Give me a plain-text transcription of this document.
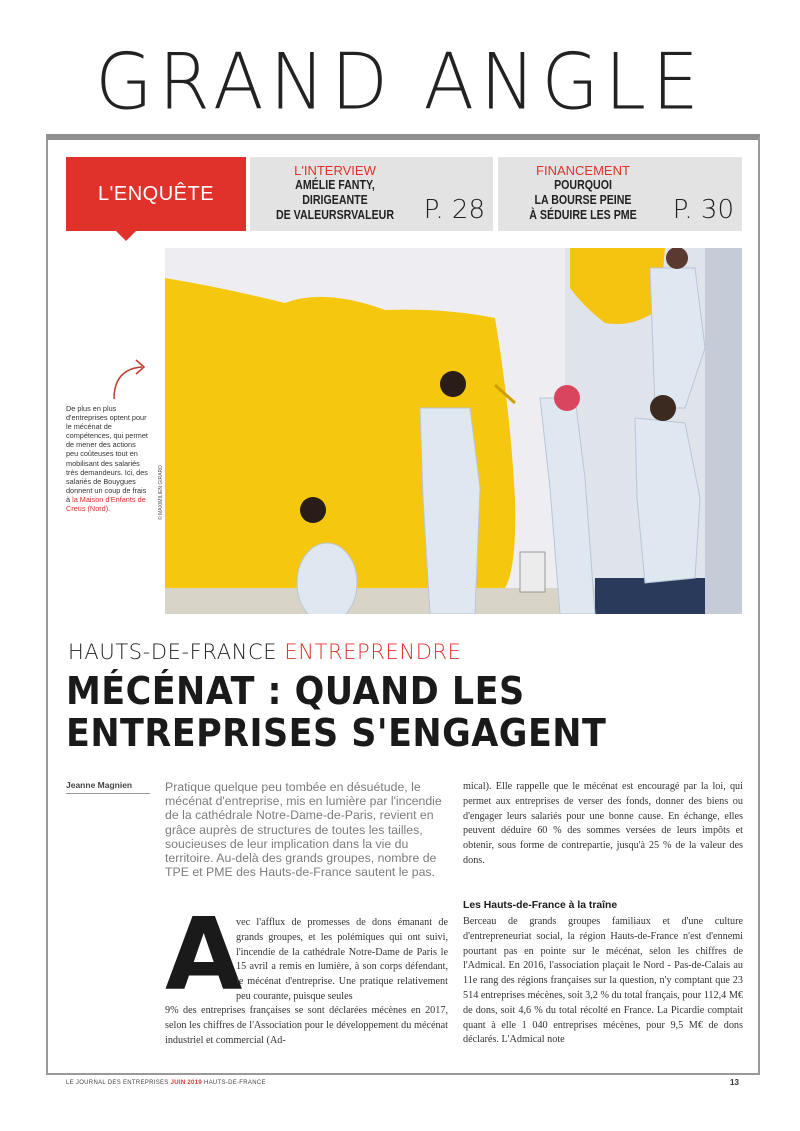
GRAND ANGLE
L'ENQUÊTE
L'INTERVIEW
AMÉLIE FANTY,
DIRIGEANTE
DE VALEURSRVALEUR	P. 28
FINANCEMENT
POURQUOI
LA BOURSE PEINE
À SÉDUIRE LES PME	P. 30
© MAXIMILIEN GIRARD
De plus en plus d'entreprises optent pour le mécénat de compétences, qui permet de mener des actions peu coûteuses tout en mobilisant des salariés très demandeurs. Ici, des salariés de Bouygues donnent un coup de frais à la Maison d'Enfants de Creus (Nord).
HAUTS-DE-FRANCE ENTREPRENDRE
MÉCÉNAT : QUAND LES
ENTREPRISES S'ENGAGENT
Jeanne Magnien	Pratique quelque peu tombée en désuétude, le mécénat d'entreprise, mis en lumière par l'incendie de la cathédrale Notre-Dame-de-Paris, revient en grâce auprès de structures de toutes les tailles, soucieuses de leur implication dans la vie du territoire. Au-delà des grands groupes, nombre de TPE et PME des Hauts-de-France sautent le pas.
A
vec l'afflux de promesses de dons émanant de grands groupes, et les polémiques qui ont suivi, l'incendie de la cathédrale Notre-Dame de Paris le 15 avril a remis en lumière, à son corps défendant, le mécénat d'entreprise. Une pratique relativement peu courante, puisque seules
9% des entreprises françaises se sont déclarées mécènes en 2017, selon les chiffres de l'Association pour le développement du mécénat industriel et commercial (Ad-
mical). Elle rappelle que le mécénat est encouragé par la loi, qui permet aux entreprises de verser des fonds, donner des biens ou d'engager leurs salariés pour une bonne cause. En échange, elles peuvent déduire 60 % des sommes versées de leurs impôts et obtenir, sous forme de contrepartie, jusqu'à 25 % de la valeur des dons.
Les Hauts-de-France à la traîne
Berceau de grands groupes familiaux et d'une culture d'entrepreneuriat social, la région Hauts-de-France n'est d'ennemi pourtant pas en pointe sur le mécénat, selon les chiffres de l'Admical. En 2016, l'association plaçait le Nord - Pas-de-Calais au 11e rang des régions françaises sur la question, n'y comptant que 23 514 entreprises mécènes, soit 3,2 % du total français, pour 112,4 M€ de dons, soit 4,6 % du total récolté en France. La Picardie comptait quant à elle 1 040 entreprises mécènes, pour 9,5 M€ de dons déclarés. L'Admical note
LE JOURNAL DES ENTREPRISES JUIN 2019 HAUTS-DE-FRANCE	13
